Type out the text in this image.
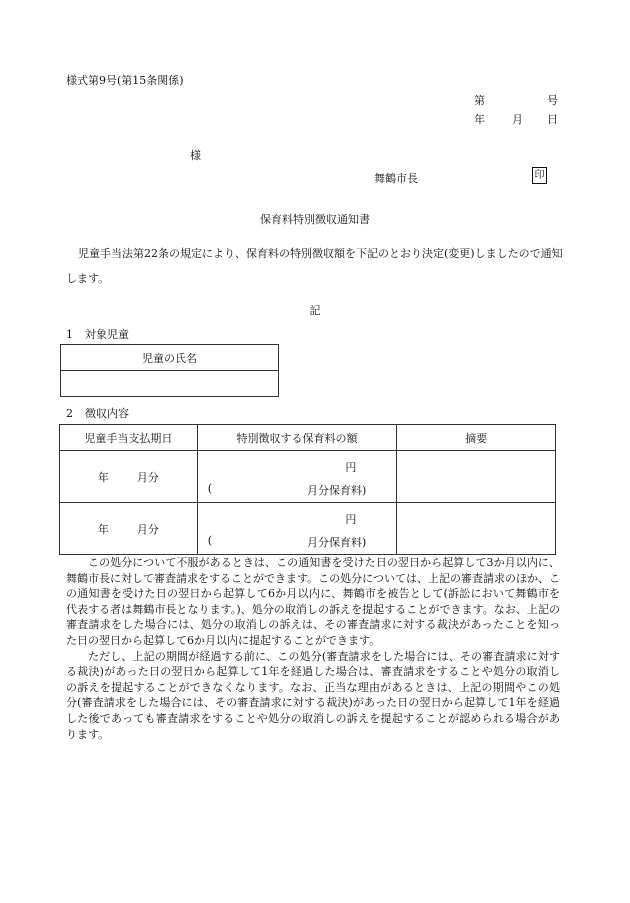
様式第9号(第15条関係)
第	号
年 月 日
様
舞鶴市長	印
保育料特別徴収通知書
児童手当法第22条の規定により、保育料の特別徴収額を下記のとおり決定(変更)しましたので通知します。
記
1 対象児童
児童の氏名

2 徴収内容
児童手当支払期日	特別徴収する保育料の額	摘要
年 月分	円
( 月分保育料)	

年 月分	円
( 月分保育料)	

この処分について不服があるときは、この通知書を受けた日の翌日から起算して3か月以内に、舞鶴市長に対して審査請求をすることができます。この処分については、上記の審査請求のほか、この通知書を受けた日の翌日から起算して6か月以内に、舞鶴市を被告として(訴訟において舞鶴市を代表する者は舞鶴市長となります。)、処分の取消しの訴えを提起することができます。なお、上記の審査請求をした場合には、処分の取消しの訴えは、その審査請求に対する裁決があったことを知った日の翌日から起算して6か月以内に提起することができます。

ただし、上記の期間が経過する前に、この処分(審査請求をした場合には、その審査請求に対する裁決)があった日の翌日から起算して1年を経過した場合は、審査請求をすることや処分の取消しの訴えを提起することができなくなります。なお、正当な理由があるときは、上記の期間やこの処分(審査請求をした場合には、その審査請求に対する裁決)があった日の翌日から起算して1年を経過した後であっても審査請求をすることや処分の取消しの訴えを提起することが認められる場合があります。
